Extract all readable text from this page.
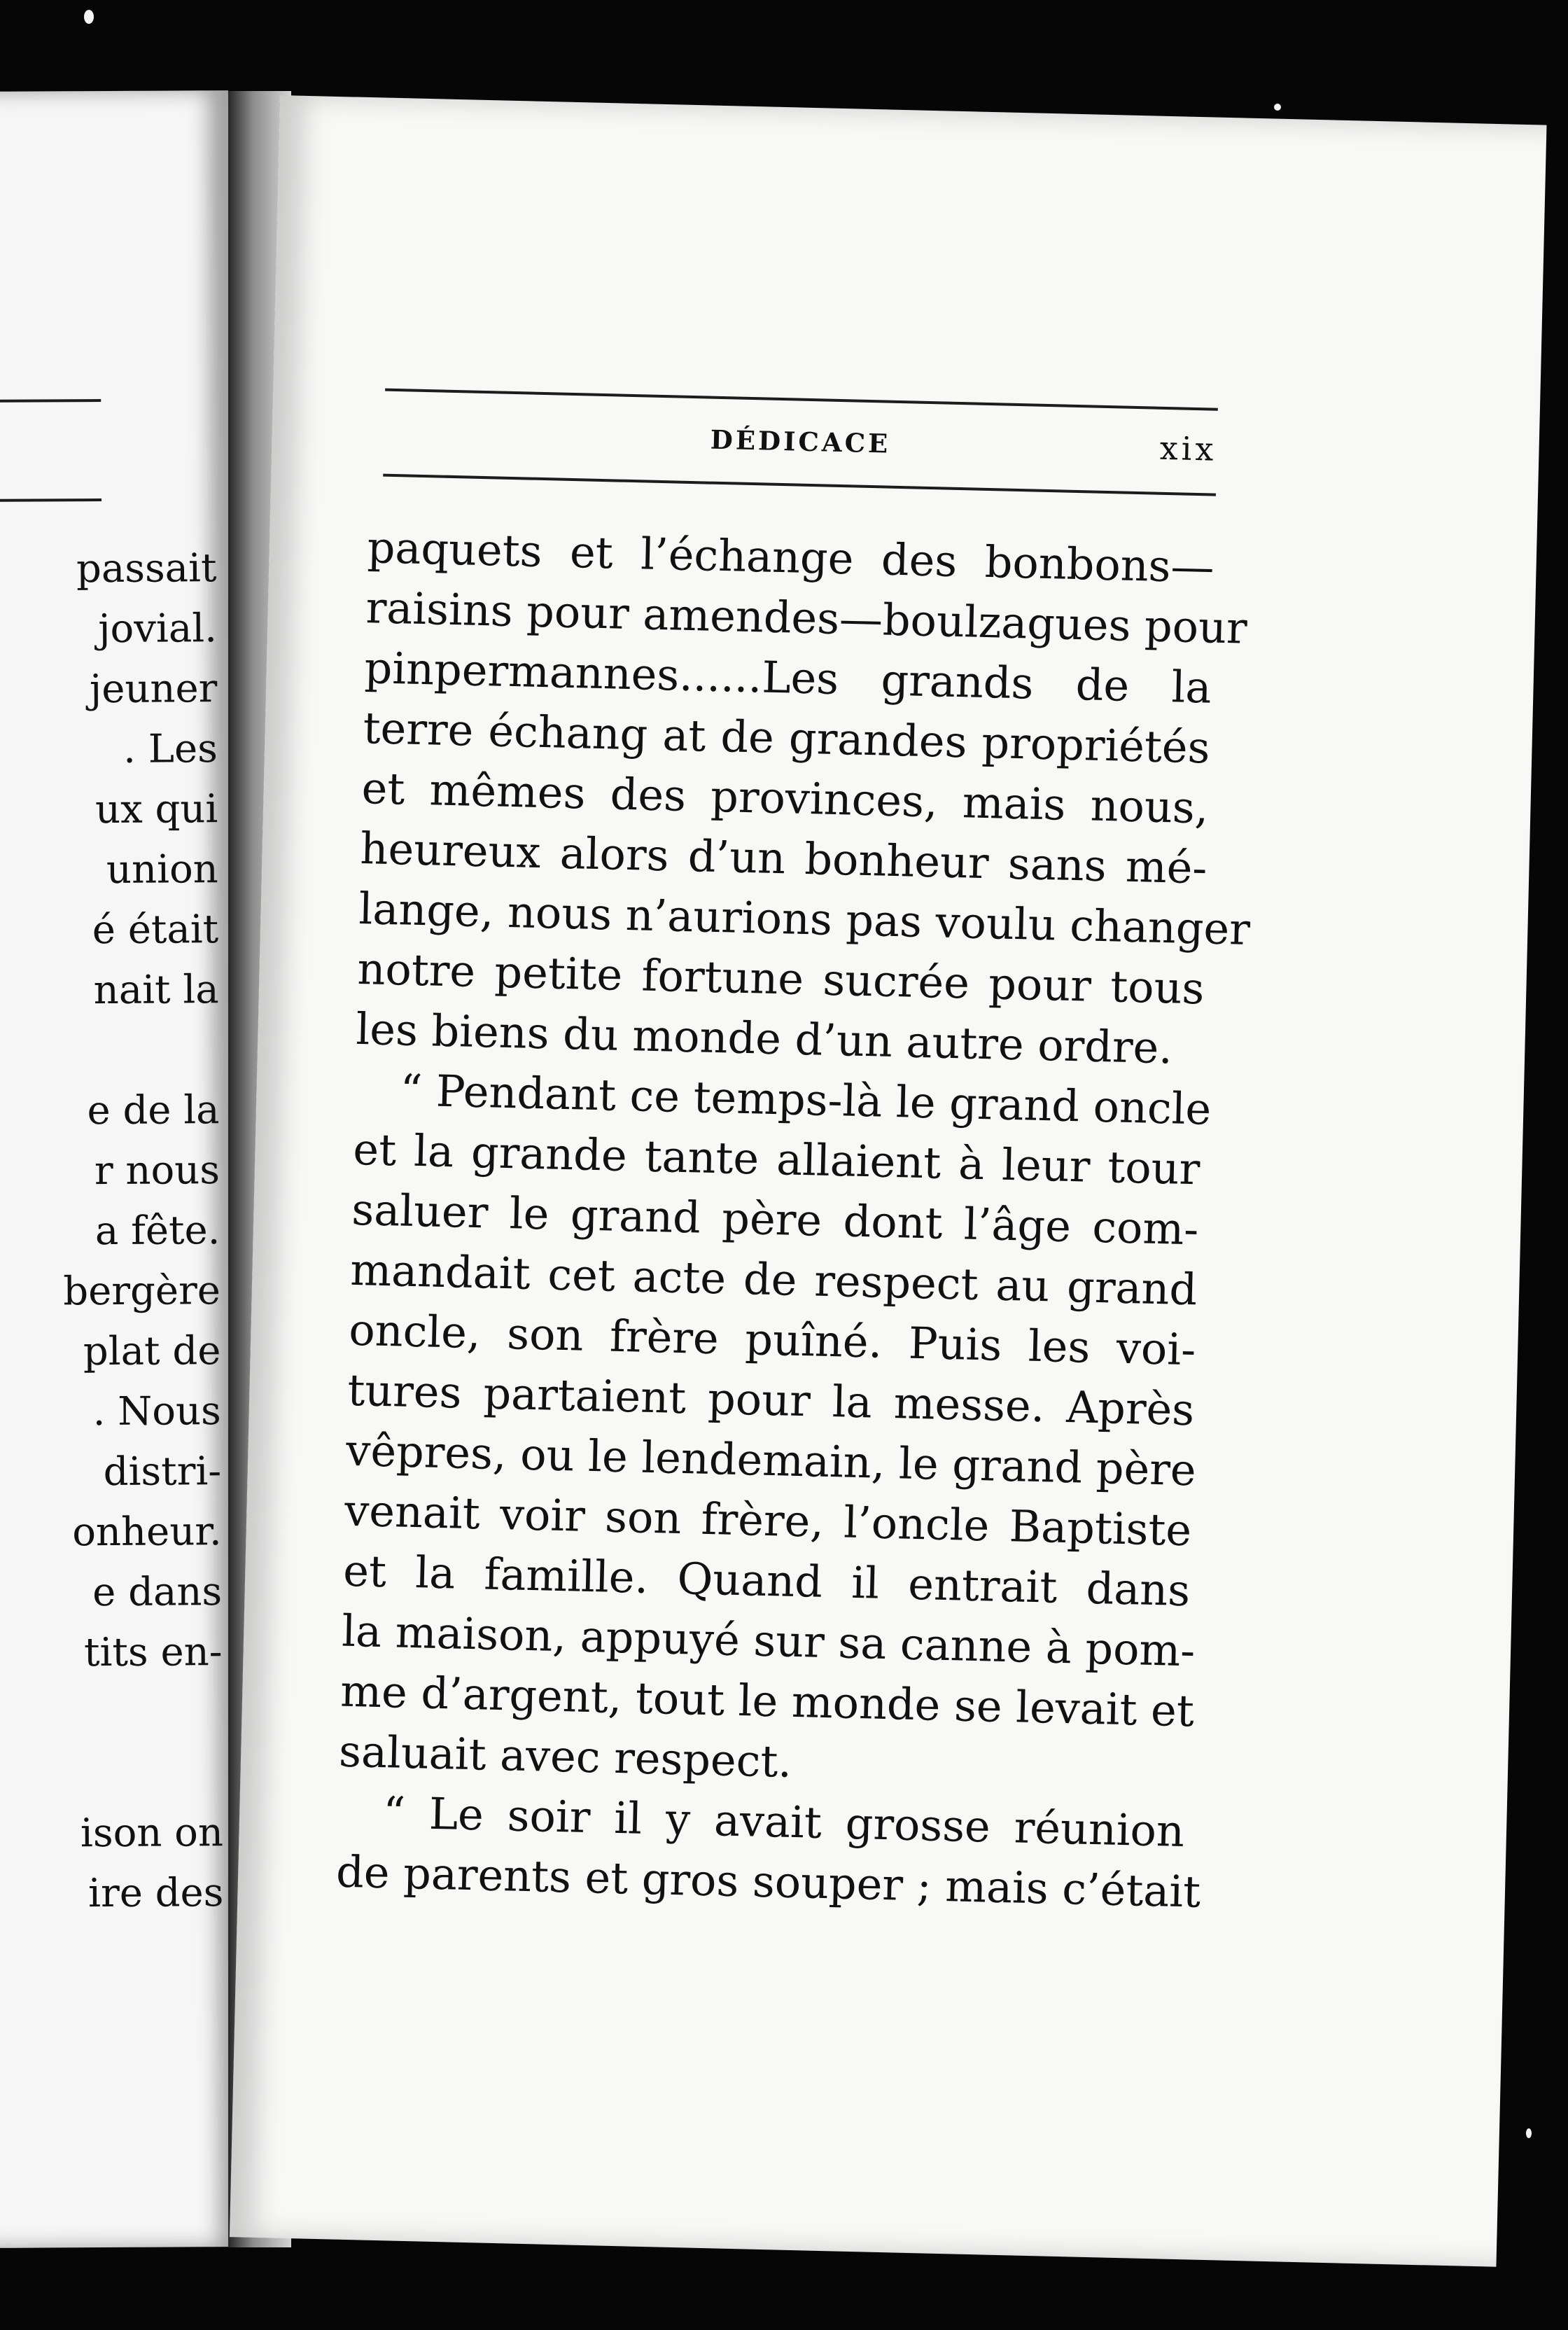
passait
jovial.
jeuner
. Les
ux qui
union
é était
nait la
e de la
r nous
a fête.
bergère
plat de
. Nous
distri-
onheur.
e dans
tits en-
ison on
ire des
DÉDICACE	xix
paquets et l’échange des bonbons—
raisins pour amendes—boulzagues pour
pinpermannes......Les grands de la
terre échang at de grandes propriétés
et mêmes des provinces, mais nous,
heureux alors d’un bonheur sans mé-
lange, nous n’aurions pas voulu changer
notre petite fortune sucrée pour tous
les biens du monde d’un autre ordre.
“ Pendant ce temps-là le grand oncle
et la grande tante allaient à leur tour
saluer le grand père dont l’âge com-
mandait cet acte de respect au grand
oncle, son frère puîné. Puis les voi-
tures partaient pour la messe. Après
vêpres, ou le lendemain, le grand père
venait voir son frère, l’oncle Baptiste
et la famille. Quand il entrait dans
la maison, appuyé sur sa canne à pom-
me d’argent, tout le monde se levait et
saluait avec respect.
“ Le soir il y avait grosse réunion
de parents et gros souper ; mais c’était
